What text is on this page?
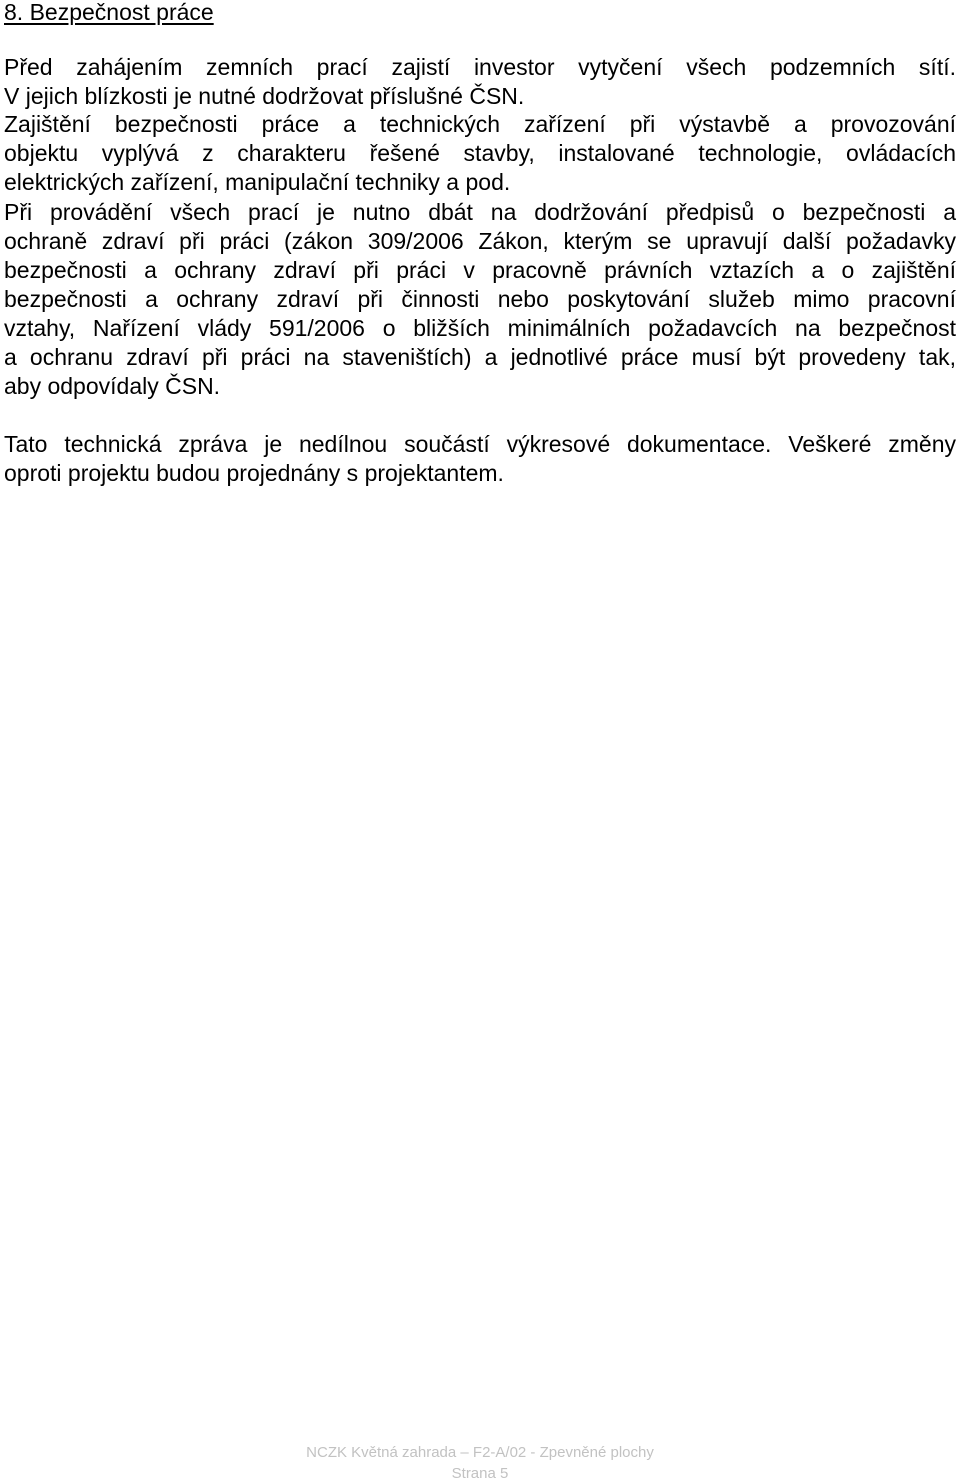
8. Bezpečnost práce

Před zahájením zemních prací zajistí investor vytyčení všech podzemních sítí.
V jejich blízkosti je nutné dodržovat příslušné ČSN.

Zajištění bezpečnosti práce a technických zařízení při výstavbě a provozování
objektu vyplývá z charakteru řešené stavby, instalované technologie, ovládacích
elektrických zařízení, manipulační techniky a pod.

Při provádění všech prací je nutno dbát na dodržování předpisů o bezpečnosti a
ochraně zdraví při práci (zákon 309/2006 Zákon, kterým se upravují další požadavky
bezpečnosti a ochrany zdraví při práci v pracovně právních vztazích a o zajištění
bezpečnosti a ochrany zdraví při činnosti nebo poskytování služeb mimo pracovní
vztahy, Nařízení vlády 591/2006 o bližších minimálních požadavcích na bezpečnost
a ochranu zdraví při práci na staveništích) a jednotlivé práce musí být provedeny tak,
aby odpovídaly ČSN.

Tato technická zpráva je nedílnou součástí výkresové dokumentace. Veškeré změny
oproti projektu budou projednány s projektantem.

NCZK Květná zahrada – F2-A/02 - Zpevněné plochy
Strana 5
